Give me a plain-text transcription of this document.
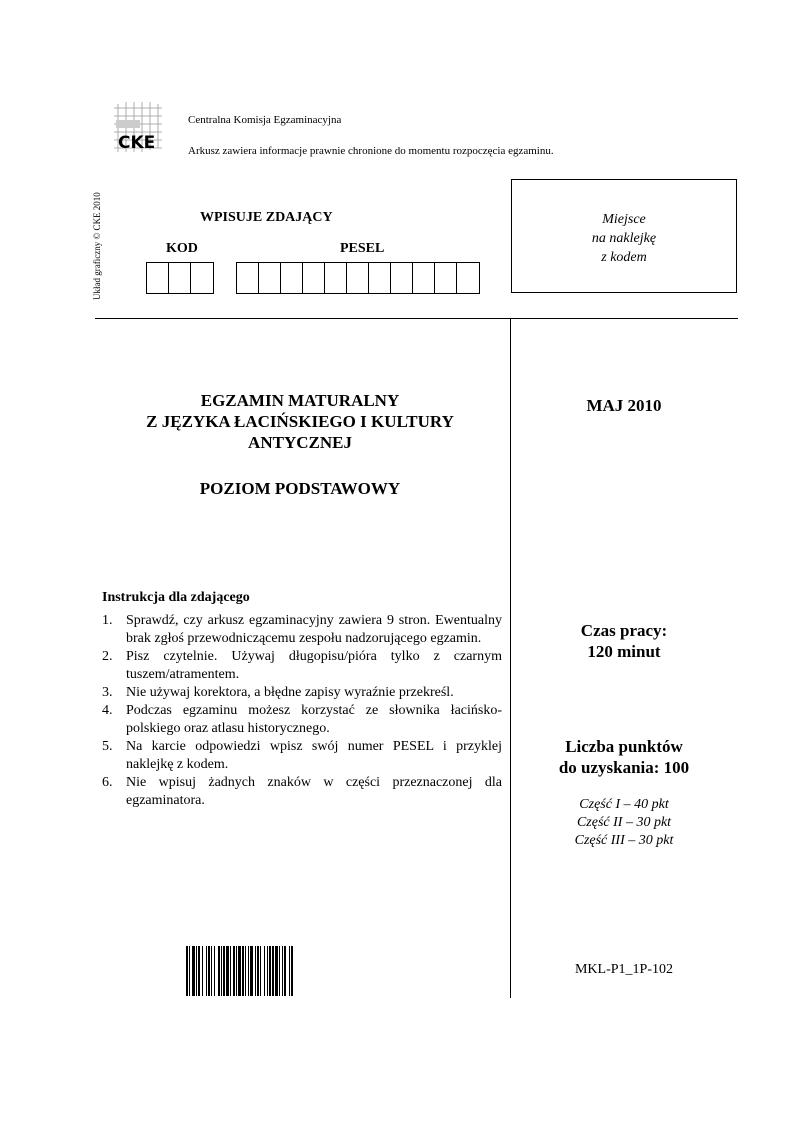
CKE
Centralna Komisja Egzaminacyjna
Arkusz zawiera informacje prawnie chronione do momentu rozpoczęcia egzaminu.
Układ graficzny © CKE 2010	WPISUJE ZDAJĄCY
KOD	PESEL
Miejsce
na naklejkę
z kodem
EGZAMIN MATURALNY
Z JĘZYKA ŁACIŃSKIEGO I KULTURY
ANTYCZNEJ
POZIOM PODSTAWOWY
MAJ 2010
Instrukcja dla zdającego
1. Sprawdź, czy arkusz egzaminacyjny zawiera 9 stron. Ewentualny brak zgłoś przewodniczącemu zespołu nadzorującego egzamin.
2. Pisz czytelnie. Używaj długopisu/pióra tylko z czarnym tuszem/atramentem.
3. Nie używaj korektora, a błędne zapisy wyraźnie przekreśl.
4. Podczas egzaminu możesz korzystać ze słownika łacińsko-polskiego oraz atlasu historycznego.
5. Na karcie odpowiedzi wpisz swój numer PESEL i przyklej naklejkę z kodem.
6. Nie wpisuj żadnych znaków w części przeznaczonej dla egzaminatora.
Czas pracy:
120 minut
Liczba punktów
do uzyskania: 100
Część I – 40 pkt
Część II – 30 pkt
Część III – 30 pkt
MKL-P1_1P-102
